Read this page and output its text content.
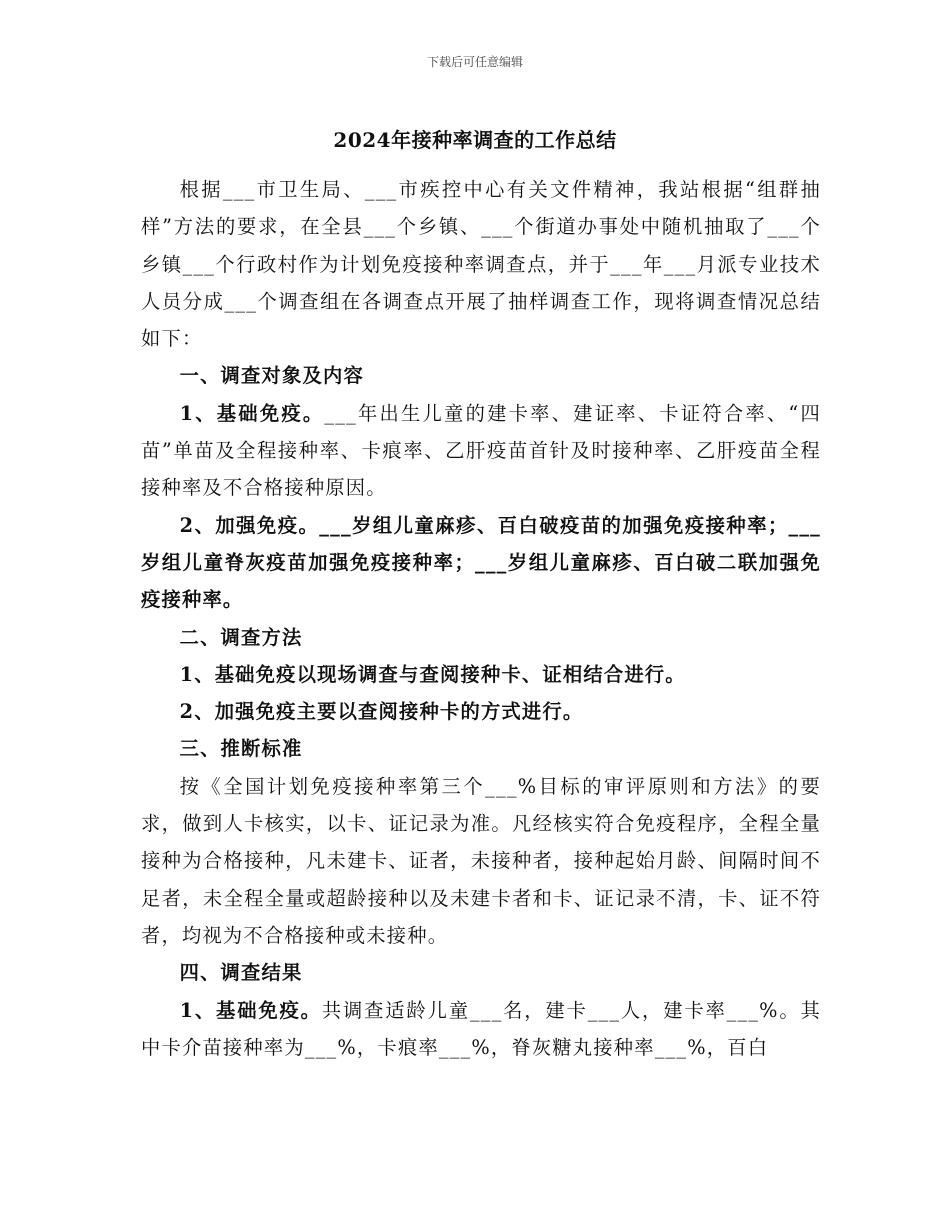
下载后可任意编辑
2024年接种率调查的工作总结

根据___市卫生局、___市疾控中心有关文件精神，我站根据“组群抽样”方法的要求，在全县___个乡镇、___个街道办事处中随机抽取了___个乡镇___个行政村作为计划免疫接种率调查点，并于___年___月派专业技术人员分成___个调查组在各调查点开展了抽样调查工作，现将调查情况总结如下：

一、调查对象及内容

1、基础免疫。___年出生儿童的建卡率、建证率、卡证符合率、“四苗”单苗及全程接种率、卡痕率、乙肝疫苗首针及时接种率、乙肝疫苗全程接种率及不合格接种原因。

2、加强免疫。___岁组儿童麻疹、百白破疫苗的加强免疫接种率；___岁组儿童脊灰疫苗加强免疫接种率；___岁组儿童麻疹、百白破二联加强免疫接种率。

二、调查方法

1、基础免疫以现场调查与查阅接种卡、证相结合进行。

2、加强免疫主要以查阅接种卡的方式进行。

三、推断标准

按《全国计划免疫接种率第三个___%目标的审评原则和方法》的要求，做到人卡核实，以卡、证记录为准。凡经核实符合免疫程序，全程全量接种为合格接种，凡未建卡、证者，未接种者，接种起始月龄、间隔时间不足者，未全程全量或超龄接种以及未建卡者和卡、证记录不清，卡、证不符者，均视为不合格接种或未接种。

四、调查结果

1、基础免疫。共调查适龄儿童___名，建卡___人，建卡率___%。其中卡介苗接种率为___%，卡痕率___%，脊灰糖丸接种率___%，百白
